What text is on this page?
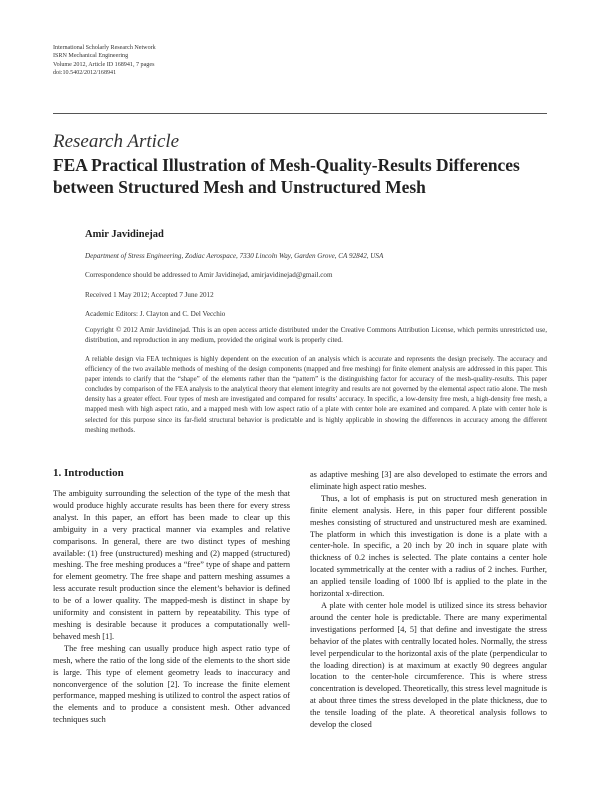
International Scholarly Research Network
ISRN Mechanical Engineering
Volume 2012, Article ID 168941, 7 pages
doi:10.5402/2012/168941
Research Article
FEA Practical Illustration of Mesh-Quality-Results Differences
between Structured Mesh and Unstructured Mesh
Amir Javidinejad
Department of Stress Engineering, Zodiac Aerospace, 7330 Lincoln Way, Garden Grove, CA 92842, USA
Correspondence should be addressed to Amir Javidinejad, amirjavidinejad@gmail.com
Received 1 May 2012; Accepted 7 June 2012
Academic Editors: J. Clayton and C. Del Vecchio
Copyright © 2012 Amir Javidinejad. This is an open access article distributed under the Creative Commons Attribution License, which permits unrestricted use, distribution, and reproduction in any medium, provided the original work is properly cited.
A reliable design via FEA techniques is highly dependent on the execution of an analysis which is accurate and represents the design precisely. The accuracy and efficiency of the two available methods of meshing of the design components (mapped and free meshing) for finite element analysis are addressed in this paper. This paper intends to clarify that the “shape” of the elements rather than the “pattern” is the distinguishing factor for accuracy of the mesh-quality-results. This paper concludes by comparison of the FEA analysis to the analytical theory that element integrity and results are not governed by the elemental aspect ratio alone. The mesh density has a greater effect. Four types of mesh are investigated and compared for results’ accuracy. In specific, a low-density free mesh, a high-density free mesh, a mapped mesh with high aspect ratio, and a mapped mesh with low aspect ratio of a plate with center hole are examined and compared. A plate with center hole is selected for this purpose since its far-field structural behavior is predictable and is highly applicable in showing the differences in accuracy among the different meshing methods.
1. Introduction

The ambiguity surrounding the selection of the type of the mesh that would produce highly accurate results has been there for every stress analyst. In this paper, an effort has been made to clear up this ambiguity in a very practical manner via examples and relative comparisons. In general, there are two distinct types of meshing available: (1) free (unstructured) meshing and (2) mapped (structured) meshing. The free meshing produces a “free” type of shape and pattern for element geometry. The free shape and pattern meshing assumes a less accurate result production since the element’s behavior is defined to be of a lower quality. The mapped-mesh is distinct in shape by uniformity and consistent in pattern by repeatability. This type of meshing is desirable because it produces a computationally well-behaved mesh [1].

The free meshing can usually produce high aspect ratio type of mesh, where the ratio of the long side of the elements to the short side is large. This type of element geometry leads to inaccuracy and nonconvergence of the solution [2]. To increase the finite element performance, mapped meshing is utilized to control the aspect ratios of the elements and to produce a consistent mesh. Other advanced techniques such

as adaptive meshing [3] are also developed to estimate the errors and eliminate high aspect ratio meshes.

Thus, a lot of emphasis is put on structured mesh generation in finite element analysis. Here, in this paper four different possible meshes consisting of structured and unstructured mesh are examined. The platform in which this investigation is done is a plate with a center-hole. In specific, a 20 inch by 20 inch in square plate with thickness of 0.2 inches is selected. The plate contains a center hole located symmetrically at the center with a radius of 2 inches. Further, an applied tensile loading of 1000 lbf is applied to the plate in the horizontal x-direction.

A plate with center hole model is utilized since its stress behavior around the center hole is predictable. There are many experimental investigations performed [4, 5] that define and investigate the stress behavior of the plates with centrally located holes. Normally, the stress level perpendicular to the horizontal axis of the plate (perpendicular to the loading direction) is at maximum at exactly 90 degrees angular location to the center-hole circumference. This is where stress concentration is developed. Theoretically, this stress level magnitude is at about three times the stress developed in the plate thickness, due to the tensile loading of the plate. A theoretical analysis follows to develop the closed
